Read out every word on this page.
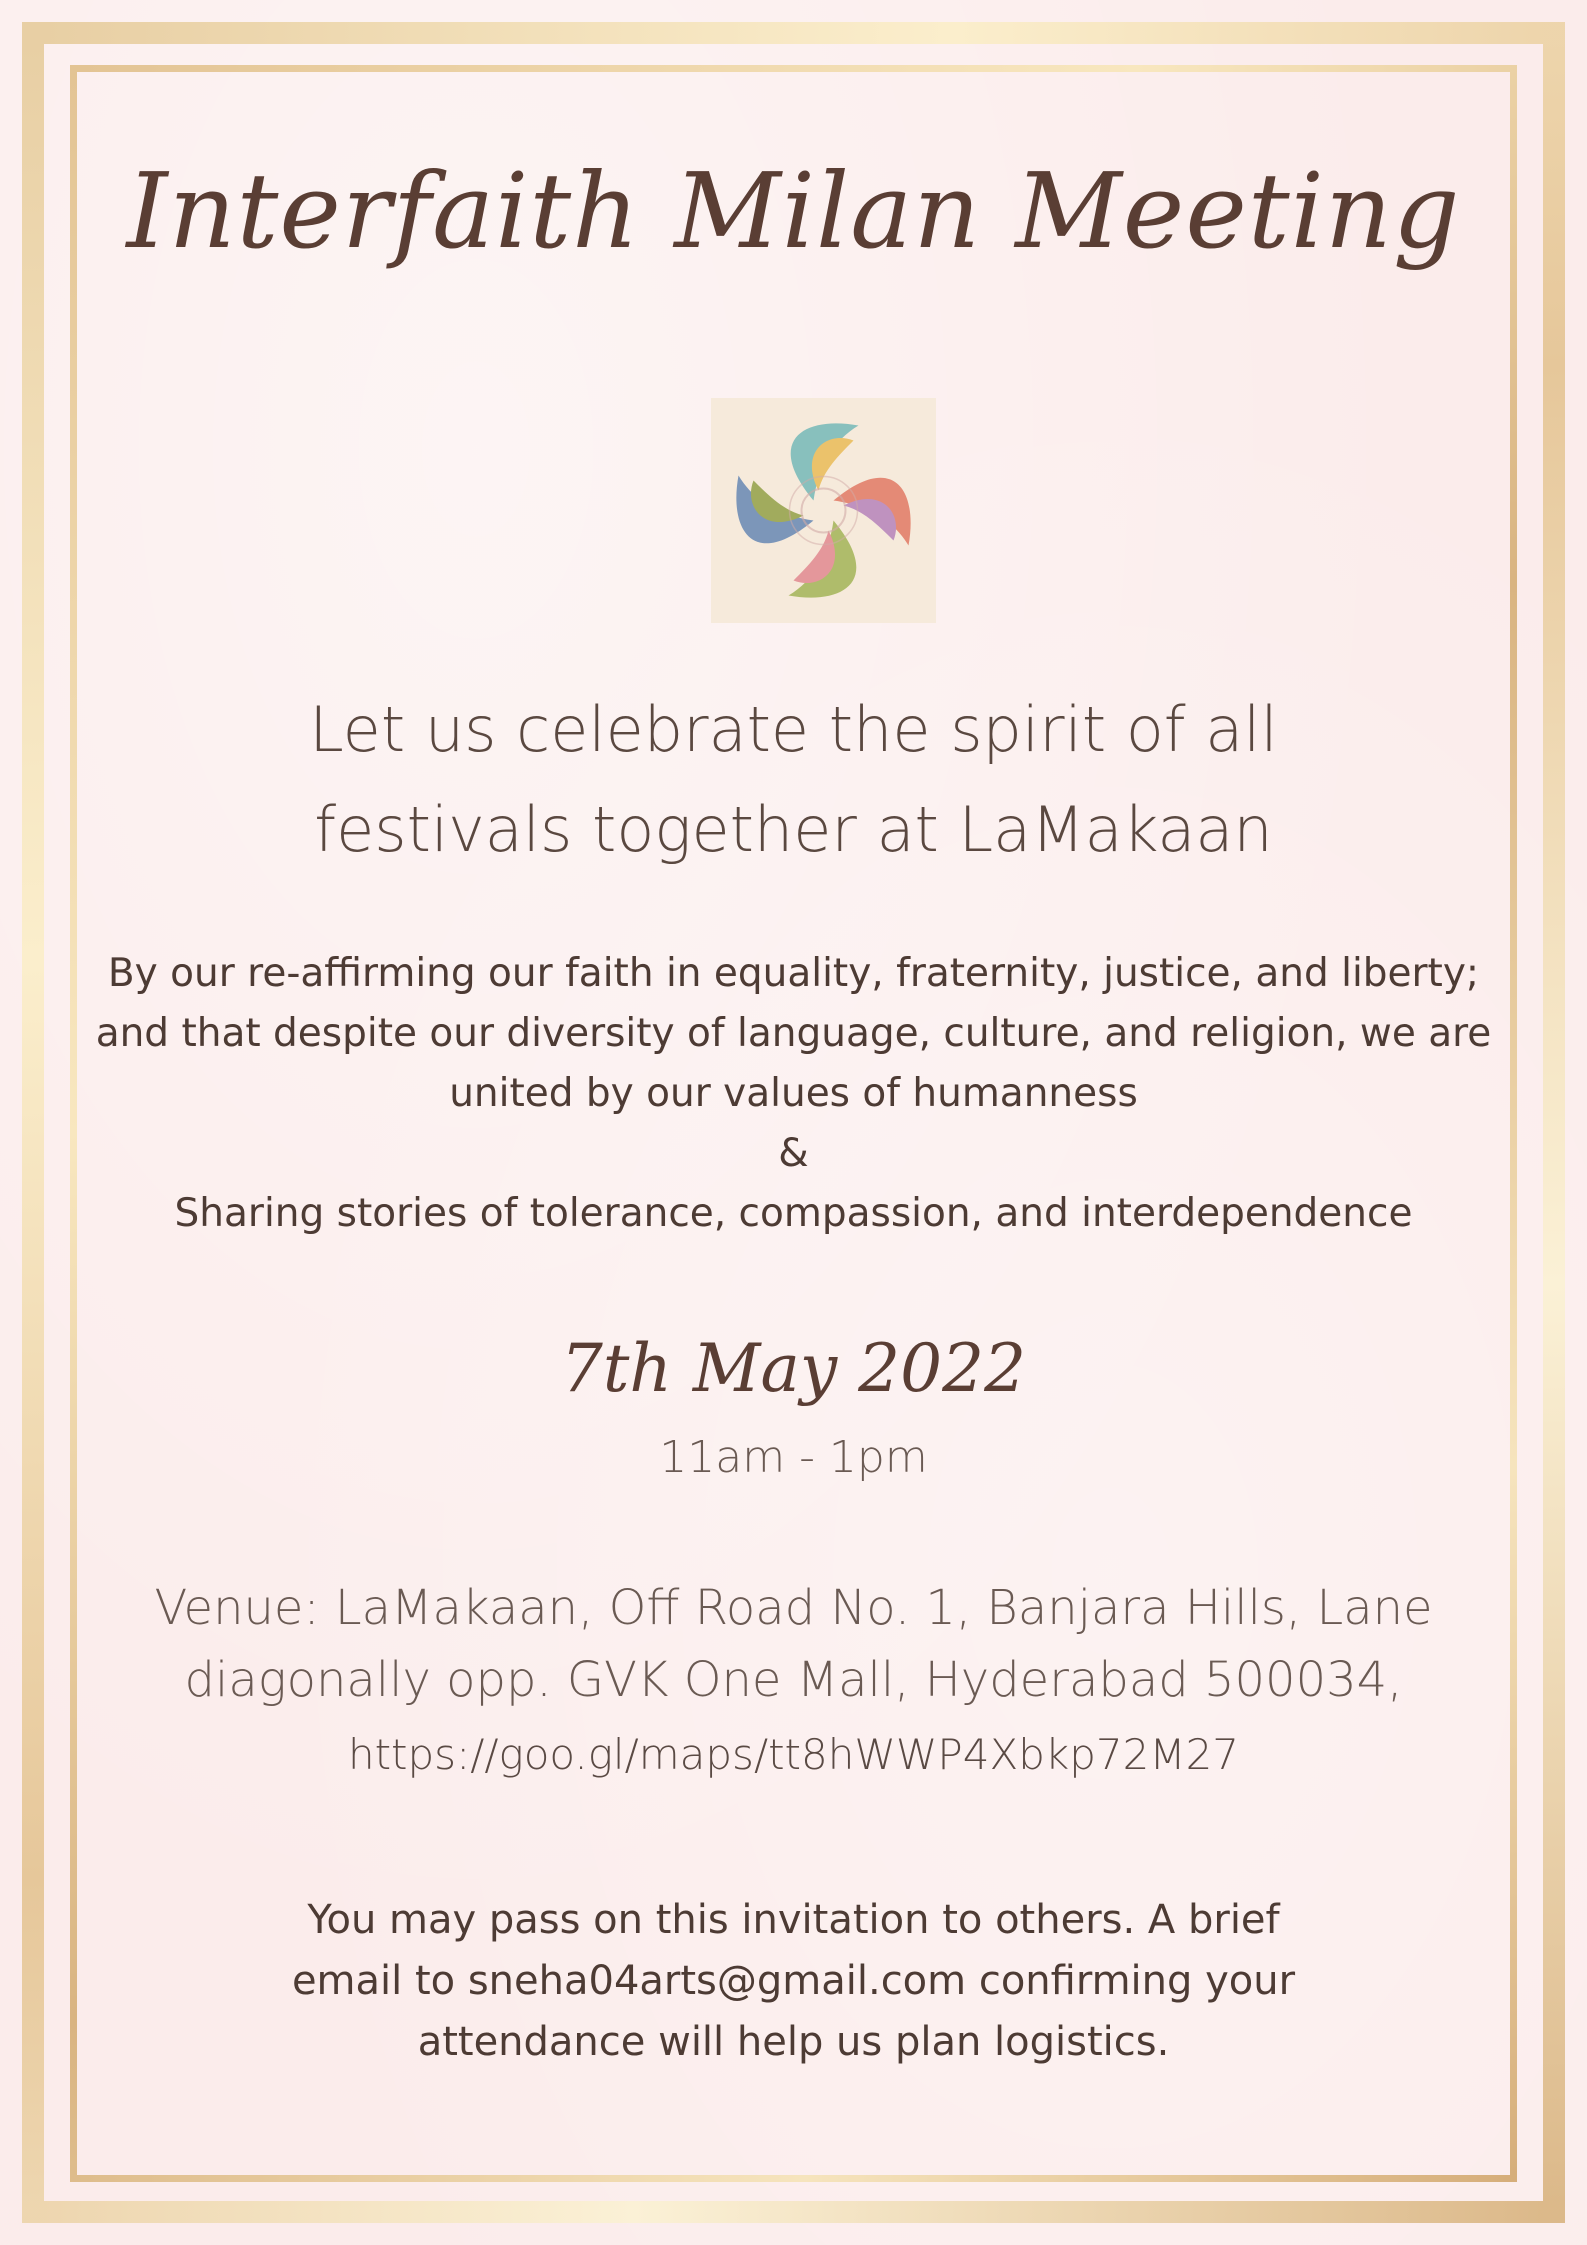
Interfaith Milan Meeting
Let us celebrate the spirit of all
festivals together at LaMakaan
By our re-affirming our faith in equality, fraternity, justice, and liberty;
and that despite our diversity of language, culture, and religion, we are
united by our values of humanness
&
Sharing stories of tolerance, compassion, and interdependence
7th May 2022
11am - 1pm
Venue: LaMakaan, Off Road No. 1, Banjara Hills, Lane
diagonally opp. GVK One Mall, Hyderabad 500034,
https://goo.gl/maps/tt8hWWP4Xbkp72M27
You may pass on this invitation to others. A brief
email to sneha04arts@gmail.com confirming your
attendance will help us plan logistics.
